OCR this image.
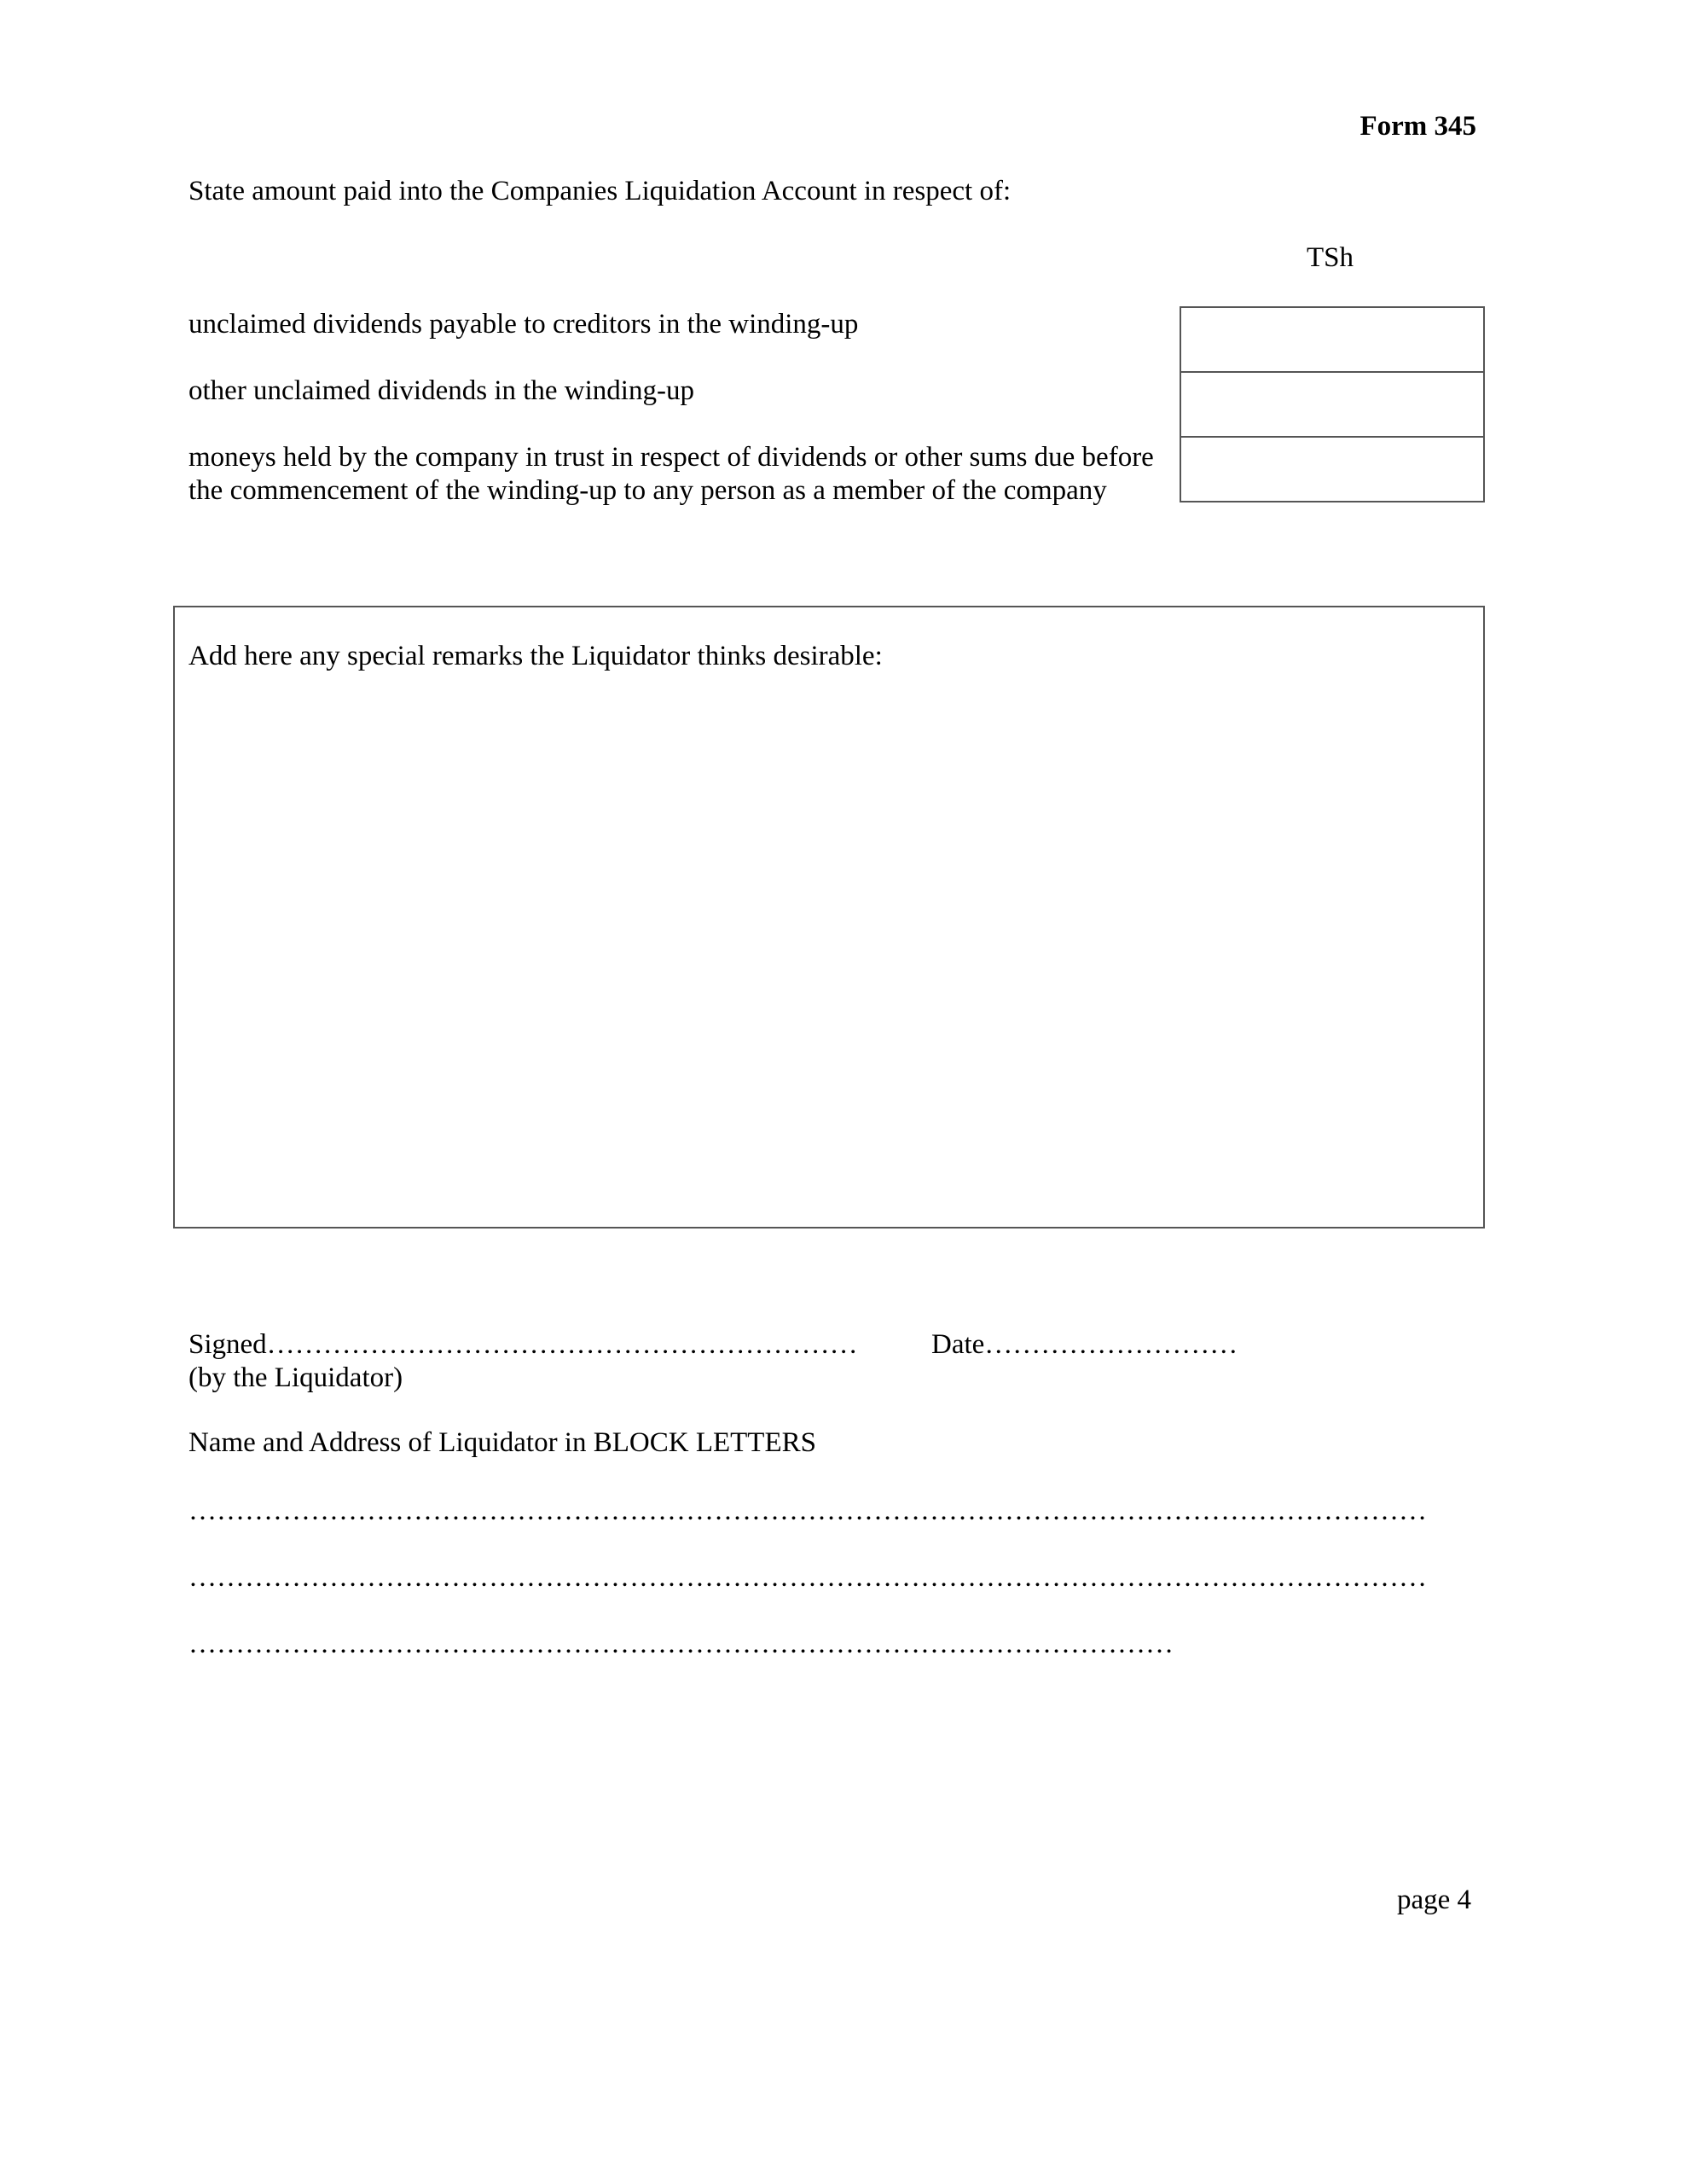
Form 345
State amount paid into the Companies Liquidation Account in respect of:
TSh
unclaimed dividends payable to creditors in the winding-up
other unclaimed dividends in the winding-up
moneys held by the company in trust in respect of dividends or other sums due before the commencement of the winding-up to any person as a member of the company
Add here any special remarks the Liquidator thinks desirable:
Signed………………………………………………………	Date………………………
(by the Liquidator)
Name and Address of Liquidator in BLOCK LETTERS
……………………………………………………………………………………………………………………
……………………………………………………………………………………………………………………
……………………………………………………………………………………………
page 4
